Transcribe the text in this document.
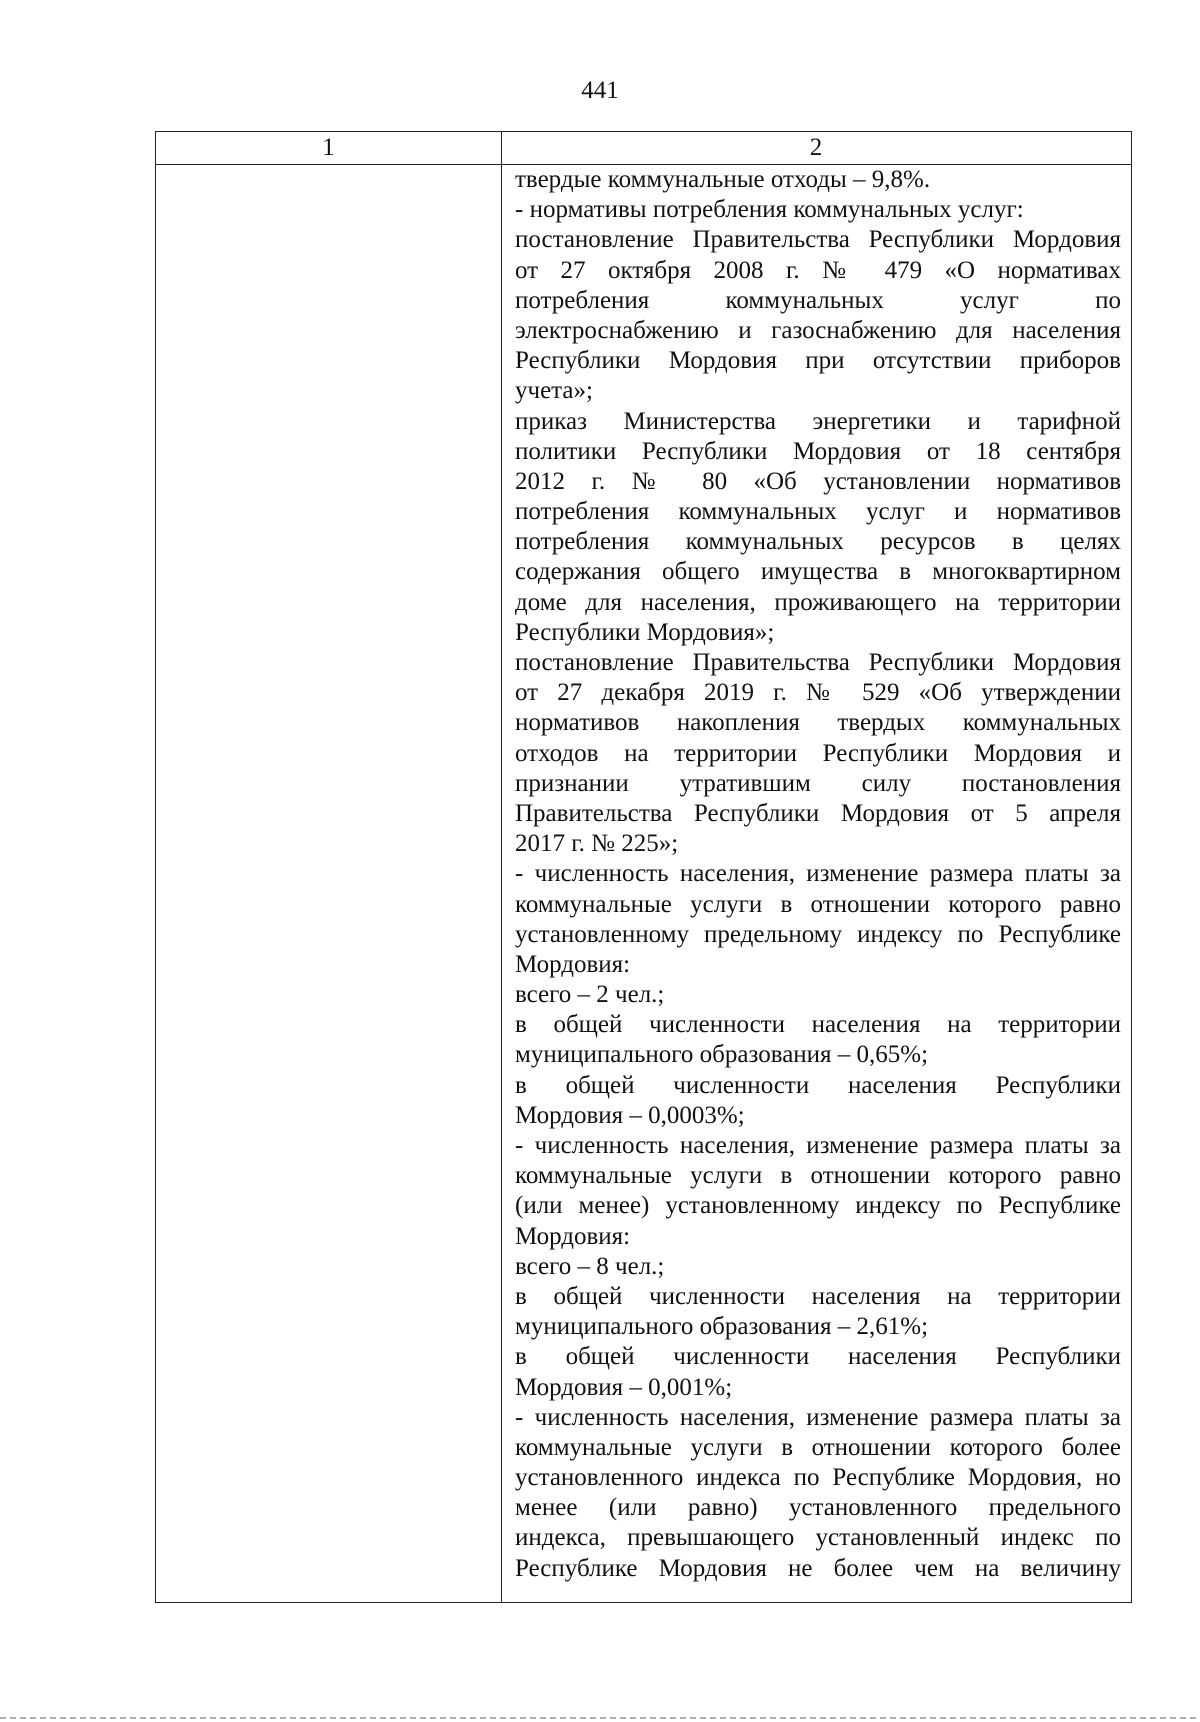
441
1	2
твердые коммунальные отходы – 9,8%.
- нормативы потребления коммунальных услуг:
постановление Правительства Республики Мордовия
от 27 октября 2008 г. № 479 «О нормативах
потребления коммунальных услуг по
электроснабжению и газоснабжению для населения
Республики Мордовия при отсутствии приборов
учета»;
приказ Министерства энергетики и тарифной
политики Республики Мордовия от 18 сентября
2012 г. № 80 «Об установлении нормативов
потребления коммунальных услуг и нормативов
потребления коммунальных ресурсов в целях
содержания общего имущества в многоквартирном
доме для населения, проживающего на территории
Республики Мордовия»;
постановление Правительства Республики Мордовия
от 27 декабря 2019 г. № 529 «Об утверждении
нормативов накопления твердых коммунальных
отходов на территории Республики Мордовия и
признании утратившим силу постановления
Правительства Республики Мордовия от 5 апреля
2017 г. № 225»;
- численность населения, изменение размера платы за
коммунальные услуги в отношении которого равно
установленному предельному индексу по Республике
Мордовия:
всего – 2 чел.;
в общей численности населения на территории
муниципального образования – 0,65%;
в общей численности населения Республики
Мордовия – 0,0003%;
- численность населения, изменение размера платы за
коммунальные услуги в отношении которого равно
(или менее) установленному индексу по Республике
Мордовия:
всего – 8 чел.;
в общей численности населения на территории
муниципального образования – 2,61%;
в общей численности населения Республики
Мордовия – 0,001%;
- численность населения, изменение размера платы за
коммунальные услуги в отношении которого более
установленного индекса по Республике Мордовия, но
менее (или равно) установленного предельного
индекса, превышающего установленный индекс по
Республике Мордовия не более чем на величину
